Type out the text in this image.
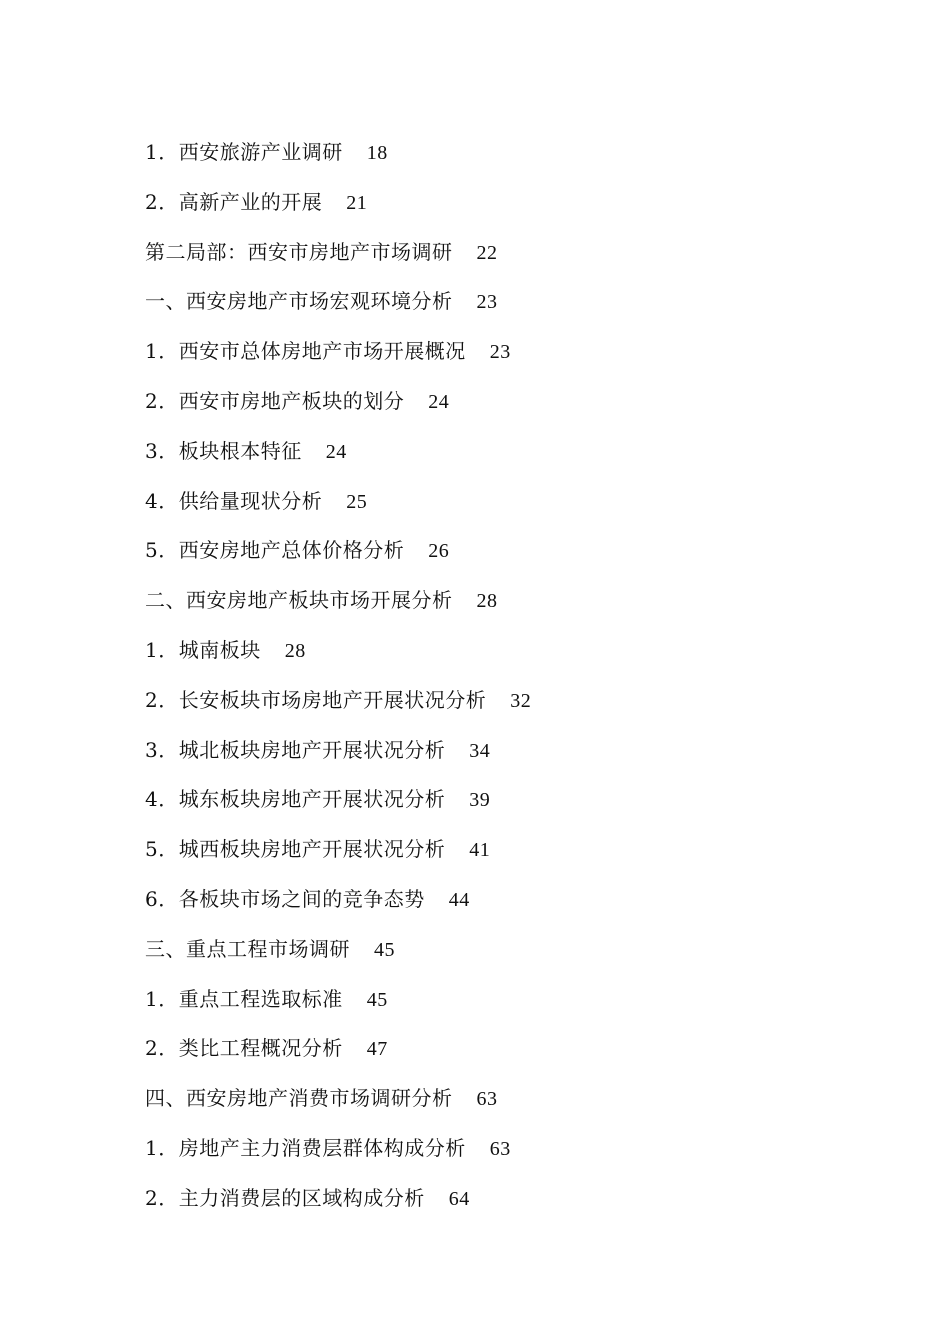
1．西安旅游产业调研 18
2．高新产业的开展 21
第二局部：西安市房地产市场调研 22
一、西安房地产市场宏观环境分析 23
1．西安市总体房地产市场开展概况 23
2．西安市房地产板块的划分 24
3．板块根本特征 24
4．供给量现状分析 25
5．西安房地产总体价格分析 26
二、西安房地产板块市场开展分析 28
1．城南板块 28
2．长安板块市场房地产开展状况分析 32
3．城北板块房地产开展状况分析 34
4．城东板块房地产开展状况分析 39
5．城西板块房地产开展状况分析 41
6．各板块市场之间的竞争态势 44
三、重点工程市场调研 45
1．重点工程选取标准 45
2．类比工程概况分析 47
四、西安房地产消费市场调研分析 63
1．房地产主力消费层群体构成分析 63
2．主力消费层的区域构成分析 64
